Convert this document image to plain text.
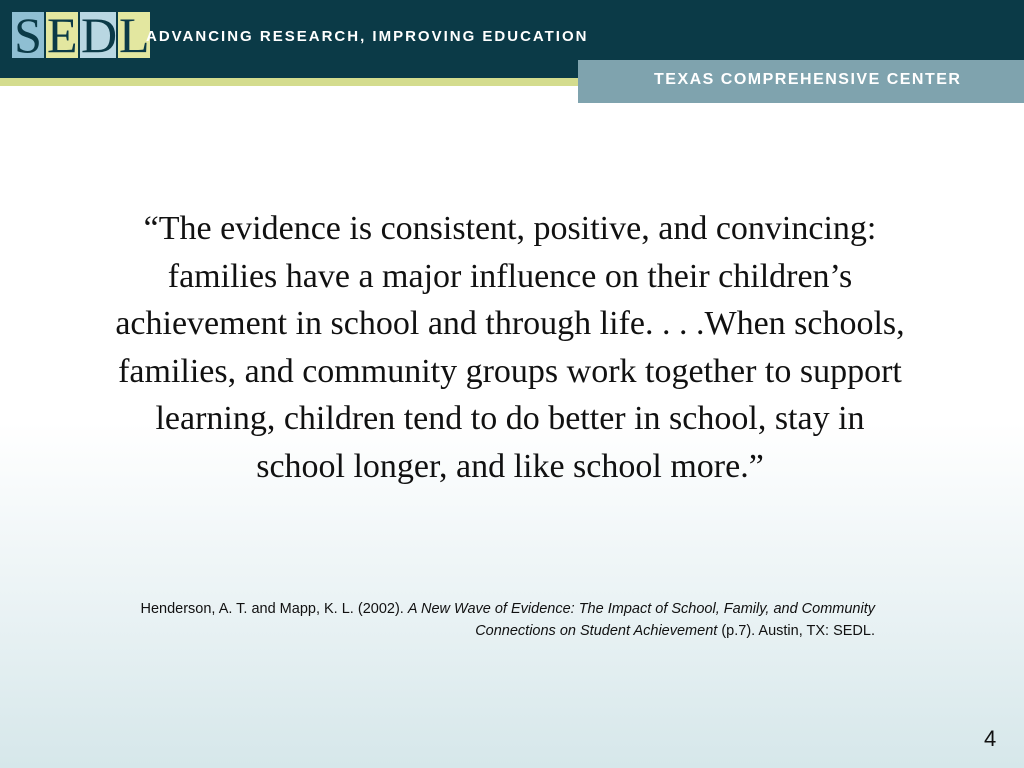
S E D L
ADVANCING RESEARCH, IMPROVING EDUCATION
TEXAS COMPREHENSIVE CENTER
“The evidence is consistent, positive, and convincing: families have a major influence on their children’s achievement in school and through life. . . .When schools, families, and community groups work together to support learning, children tend to do better in school, stay in school longer, and like school more.”
Henderson, A. T. and Mapp, K. L. (2002). A New Wave of Evidence: The Impact of School, Family, and Community Connections on Student Achievement (p.7). Austin, TX: SEDL.
4
